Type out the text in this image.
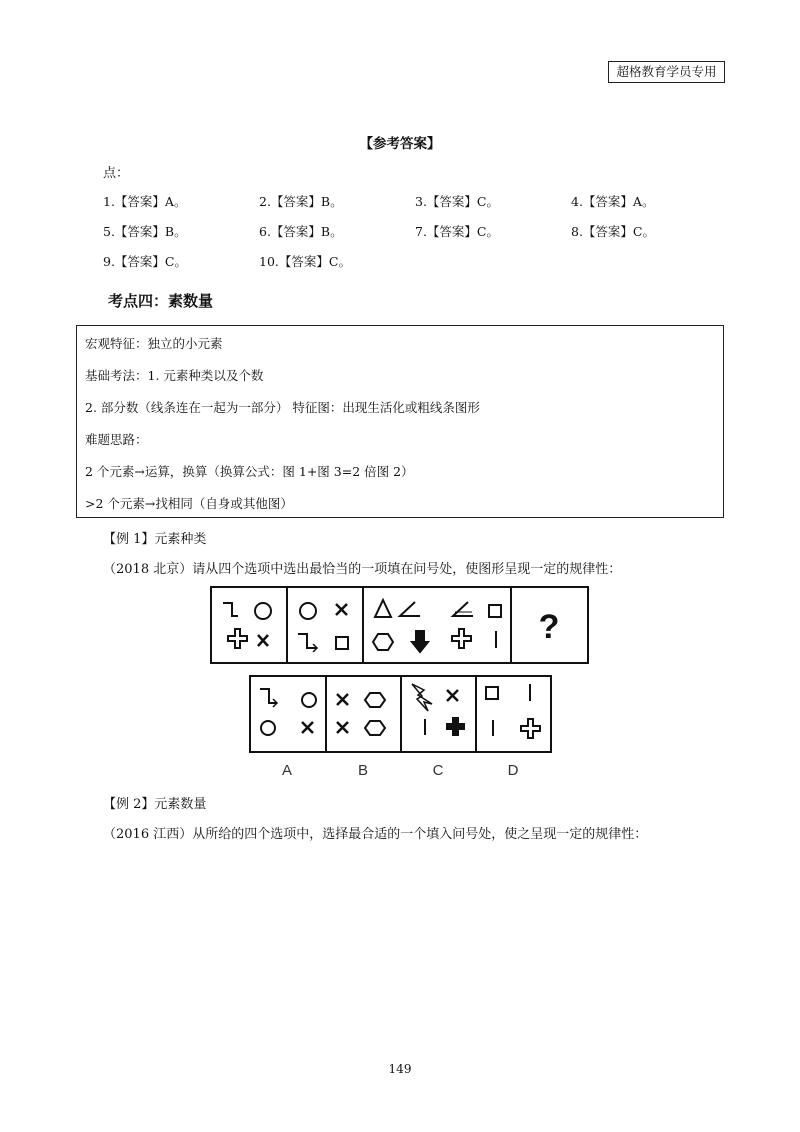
超格教育学员专用
【参考答案】
点：
1.【答案】A。	2.【答案】B。	3.【答案】C。	4.【答案】A。
5.【答案】B。	6.【答案】B。	7.【答案】C。	8.【答案】C。
9.【答案】C。	10.【答案】C。
考点四：素数量
宏观特征：独立的小元素
基础考法：1. 元素种类以及个数
2. 部分数（线条连在一起为一部分） 特征图：出现生活化或粗线条图形
难题思路：
2 个元素→运算，换算（换算公式：图 1+图 3=2 倍图 2）
>2 个元素→找相同（自身或其他图）
【例 1】元素种类
（2018 北京）请从四个选项中选出最恰当的一项填在问号处，使图形呈现一定的规律性：
?
A	B	C	D
【例 2】元素数量
（2016 江西）从所给的四个选项中，选择最合适的一个填入问号处，使之呈现一定的规律性：
149
